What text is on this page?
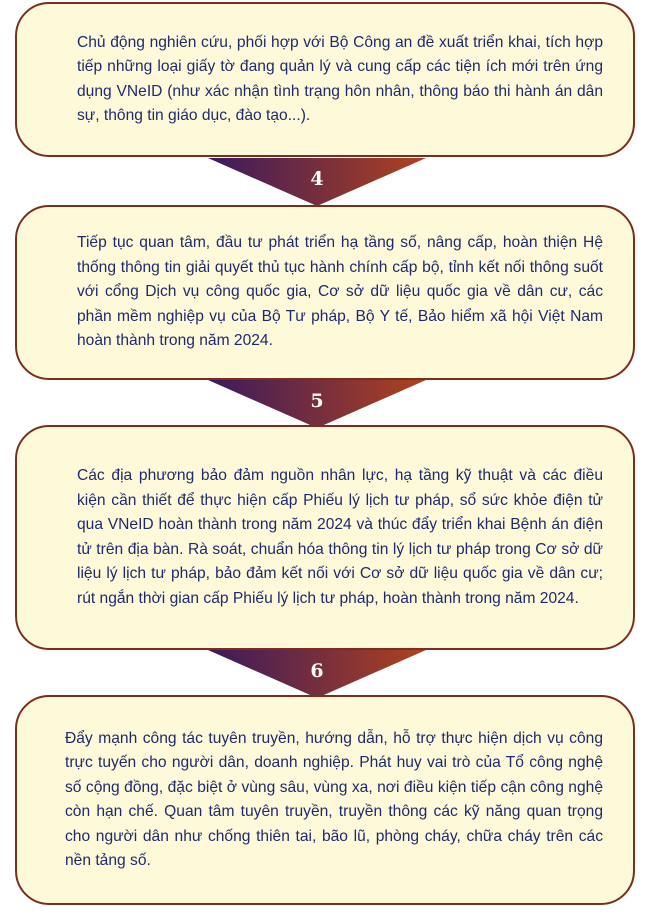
Chủ động nghiên cứu, phối hợp với Bộ Công an đề xuất triển khai, tích hợp tiếp những loại giấy tờ đang quản lý và cung cấp các tiện ích mới trên ứng dụng VNeID (như xác nhận tình trạng hôn nhân, thông báo thi hành án dân sự, thông tin giáo dục, đào tạo...).

4

Tiếp tục quan tâm, đầu tư phát triển hạ tầng số, nâng cấp, hoàn thiện Hệ thống thông tin giải quyết thủ tục hành chính cấp bộ, tỉnh kết nối thông suốt với cổng Dịch vụ công quốc gia, Cơ sở dữ liệu quốc gia về dân cư, các phần mềm nghiệp vụ của Bộ Tư pháp, Bộ Y tế, Bảo hiểm xã hội Việt Nam hoàn thành trong năm 2024.

5

Các địa phương bảo đảm nguồn nhân lực, hạ tầng kỹ thuật và các điều kiện cần thiết để thực hiện cấp Phiếu lý lịch tư pháp, sổ sức khỏe điện tử qua VNeID hoàn thành trong năm 2024 và thúc đẩy triển khai Bệnh án điện tử trên địa bàn. Rà soát, chuẩn hóa thông tin lý lịch tư pháp trong Cơ sở dữ liệu lý lịch tư pháp, bảo đảm kết nối với Cơ sở dữ liệu quốc gia về dân cư; rút ngắn thời gian cấp Phiếu lý lịch tư pháp, hoàn thành trong năm 2024.

6

Đẩy mạnh công tác tuyên truyền, hướng dẫn, hỗ trợ thực hiện dịch vụ công trực tuyến cho người dân, doanh nghiệp. Phát huy vai trò của Tổ công nghệ số cộng đồng, đặc biệt ở vùng sâu, vùng xa, nơi điều kiện tiếp cận công nghệ còn hạn chế. Quan tâm tuyên truyền, truyền thông các kỹ năng quan trọng cho người dân như chống thiên tai, bão lũ, phòng cháy, chữa cháy trên các nền tảng số.
